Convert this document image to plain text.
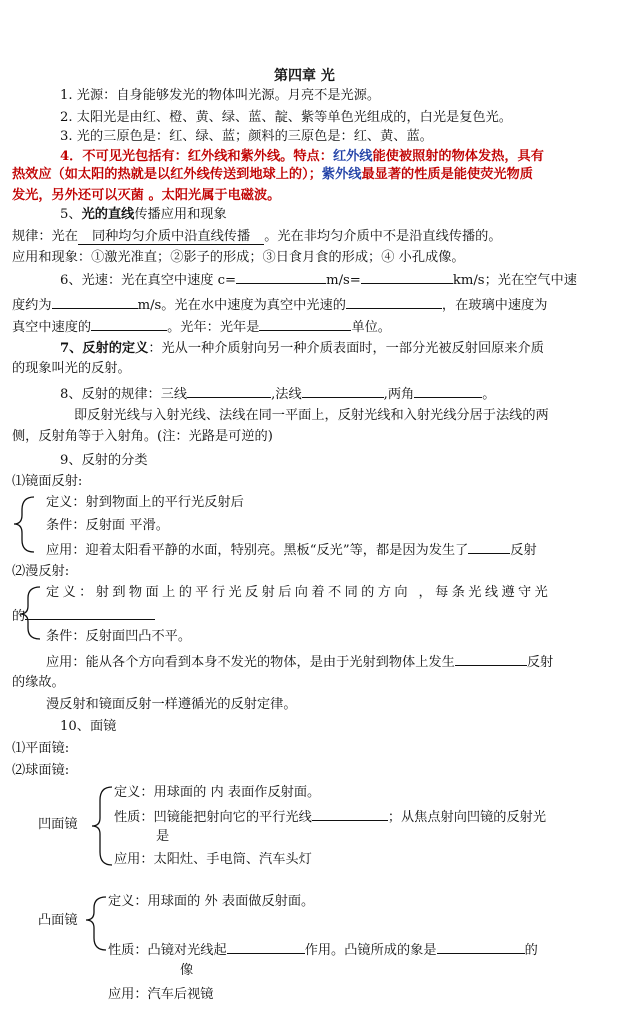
第四章 光
1. 光源：自身能够发光的物体叫光源。月亮不是光源。
2. 太阳光是由红、橙、黄、绿、蓝、靛、紫等单色光组成的，白光是复色光。
3. 光的三原色是：红、绿、蓝；颜料的三原色是：红、黄、蓝。
4．不可见光包括有：红外线和紫外线。特点：红外线能使被照射的物体发热，具有
热效应（如太阳的热就是以红外线传送到地球上的）；紫外线最显著的性质是能使荧光物质
发光，另外还可以灭菌 。太阳光属于电磁波。
5、光的直线传播应用和现象
规律：光在 同种均匀介质中沿直线传播 。光在非均匀介质中不是沿直线传播的。
应用和现象：①激光准直；②影子的形成；③日食月食的形成；④ 小孔成像。
6、光速：光在真空中速度 c=	m/s=	km/s；光在空气中速
度约为	m/s。光在水中速度为真空中光速的	，在玻璃中速度为
真空中速度的	。光年：光年是	单位。
7、反射的定义：光从一种介质射向另一种介质表面时，一部分光被反射回原来介质
的现象叫光的反射。
8、反射的规律：三线	,法线	,两角	。
即反射光线与入射光线、法线在同一平面上，反射光线和入射光线分居于法线的两
侧，反射角等于入射角。(注：光路是可逆的)
9、反射的分类
⑴镜面反射:
定义：射到物面上的平行光反射后
条件：反射面 平滑。
应用：迎着太阳看平静的水面，特别亮。黑板“反光”等，都是因为发生了	反射
⑵漫反射:
定义：射到物面上的平行光反射后向着不同的方向 ，每条光线遵守光
的
条件：反射面凹凸不平。
应用：能从各个方向看到本身不发光的物体，是由于光射到物体上发生	反射
的缘故。
漫反射和镜面反射一样遵循光的反射定律。
10、面镜
⑴平面镜:
⑵球面镜:
凹面镜
定义：用球面的 内 表面作反射面。
性质：凹镜能把射向它的平行光线	；从焦点射向凹镜的反射光
是
应用：太阳灶、手电筒、汽车头灯
凸面镜
定义：用球面的 外 表面做反射面。
性质：凸镜对光线起	作用。凸镜所成的象是	的
像
应用：汽车后视镜
